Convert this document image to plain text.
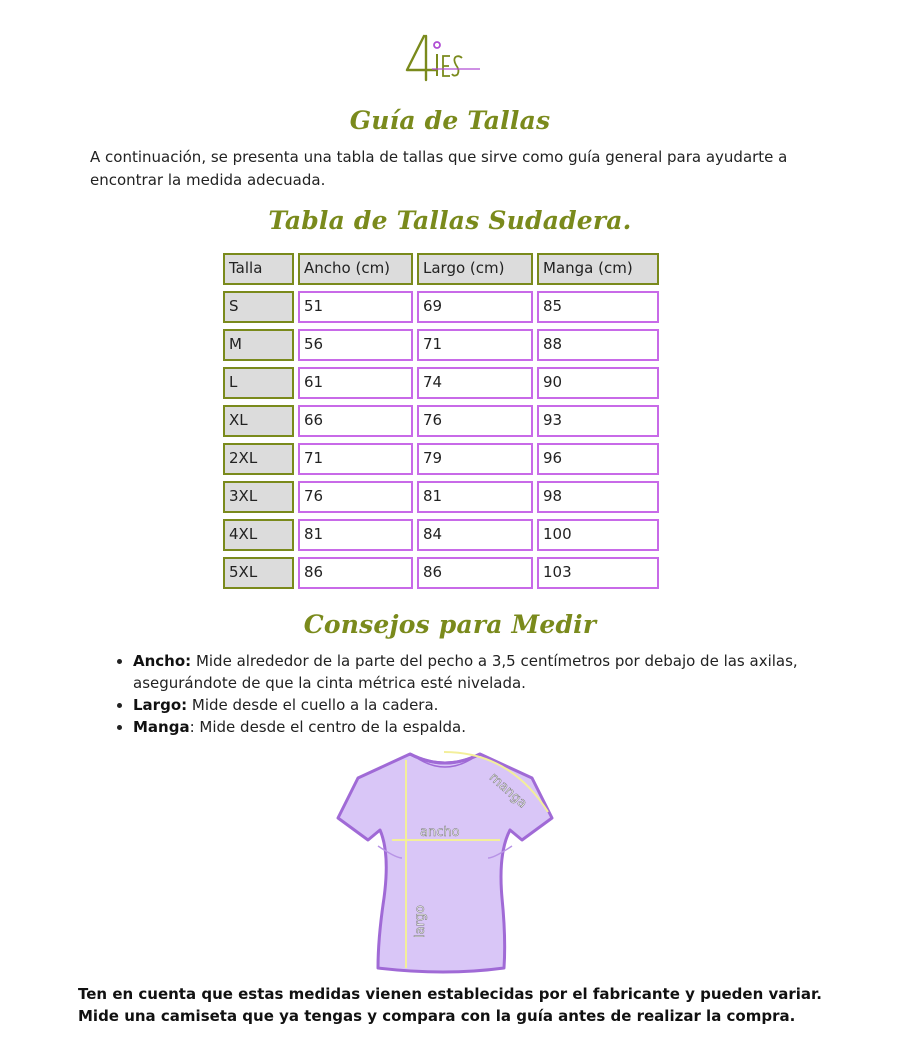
Guía de Tallas
A continuación, se presenta una tabla de tallas que sirve como guía general para ayudarte a encontrar la medida adecuada.
Tabla de Tallas Sudadera.
Talla	Ancho (cm)	Largo (cm)	Manga (cm)
S	51	69	85
M	56	71	88
L	61	74	90
XL	66	76	93
2XL	71	79	96
3XL	76	81	98
4XL	81	84	100
5XL	86	86	103
Consejos para Medir
• Ancho: Mide alrededor de la parte del pecho a 3,5 centímetros por debajo de las axilas, asegurándote de que la cinta métrica esté nivelada.
• Largo: Mide desde el cuello a la cadera.
• Manga: Mide desde el centro de la espalda.
manga
ancho
largo
Ten en cuenta que estas medidas vienen establecidas por el fabricante y pueden variar. Mide una camiseta que ya tengas y compara con la guía antes de realizar la compra.
